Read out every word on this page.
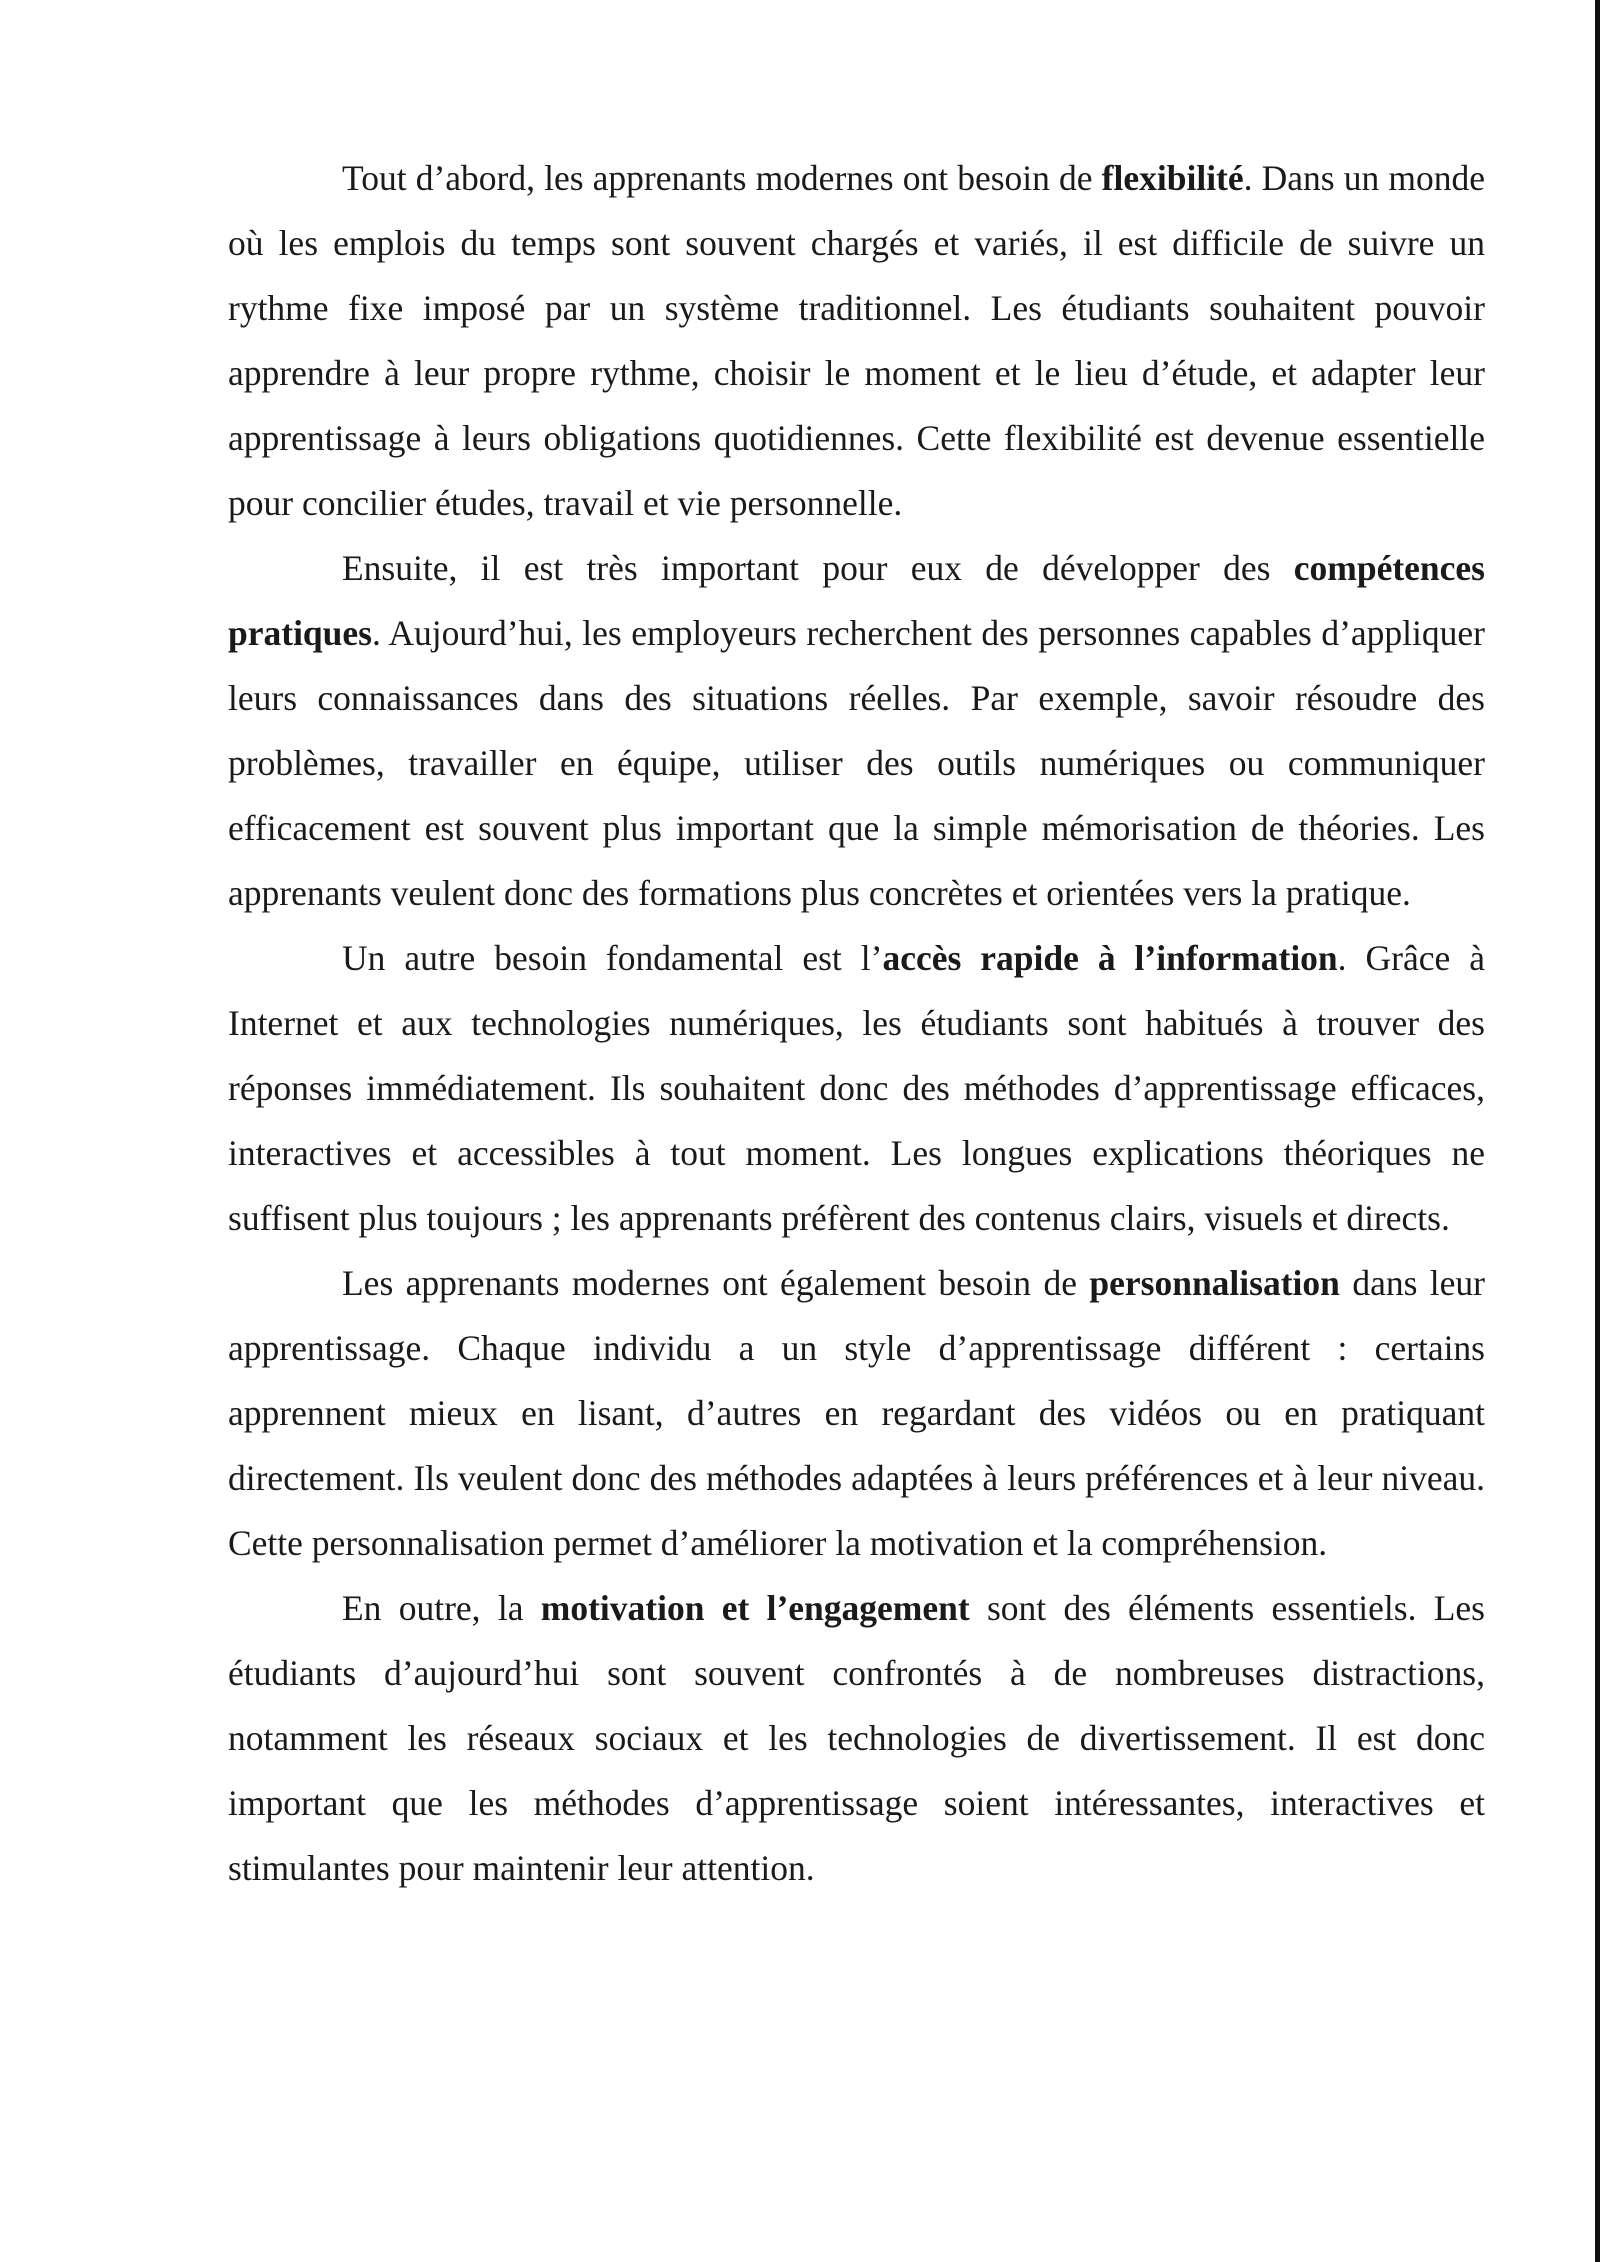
Tout d’abord, les apprenants modernes ont besoin de flexibilité. Dans un monde où les emplois du temps sont souvent chargés et variés, il est difficile de suivre un rythme fixe imposé par un système traditionnel. Les étudiants souhaitent pouvoir apprendre à leur propre rythme, choisir le moment et le lieu d’étude, et adapter leur apprentissage à leurs obligations quotidiennes. Cette flexibilité est devenue essentielle pour concilier études, travail et vie personnelle.

Ensuite, il est très important pour eux de développer des compétences pratiques. Aujourd’hui, les employeurs recherchent des personnes capables d’appliquer leurs connaissances dans des situations réelles. Par exemple, savoir résoudre des problèmes, travailler en équipe, utiliser des outils numériques ou communiquer efficacement est souvent plus important que la simple mémorisation de théories. Les apprenants veulent donc des formations plus concrètes et orientées vers la pratique.

Un autre besoin fondamental est l’accès rapide à l’information. Grâce à Internet et aux technologies numériques, les étudiants sont habitués à trouver des réponses immédiatement. Ils souhaitent donc des méthodes d’apprentissage efficaces, interactives et accessibles à tout moment. Les longues explications théoriques ne suffisent plus toujours ; les apprenants préfèrent des contenus clairs, visuels et directs.

Les apprenants modernes ont également besoin de personnalisation dans leur apprentissage. Chaque individu a un style d’apprentissage différent : certains apprennent mieux en lisant, d’autres en regardant des vidéos ou en pratiquant directement. Ils veulent donc des méthodes adaptées à leurs préférences et à leur niveau. Cette personnalisation permet d’améliorer la motivation et la compréhension.

En outre, la motivation et l’engagement sont des éléments essentiels. Les étudiants d’aujourd’hui sont souvent confrontés à de nombreuses distractions, notamment les réseaux sociaux et les technologies de divertissement. Il est donc important que les méthodes d’apprentissage soient intéressantes, interactives et stimulantes pour maintenir leur attention.
